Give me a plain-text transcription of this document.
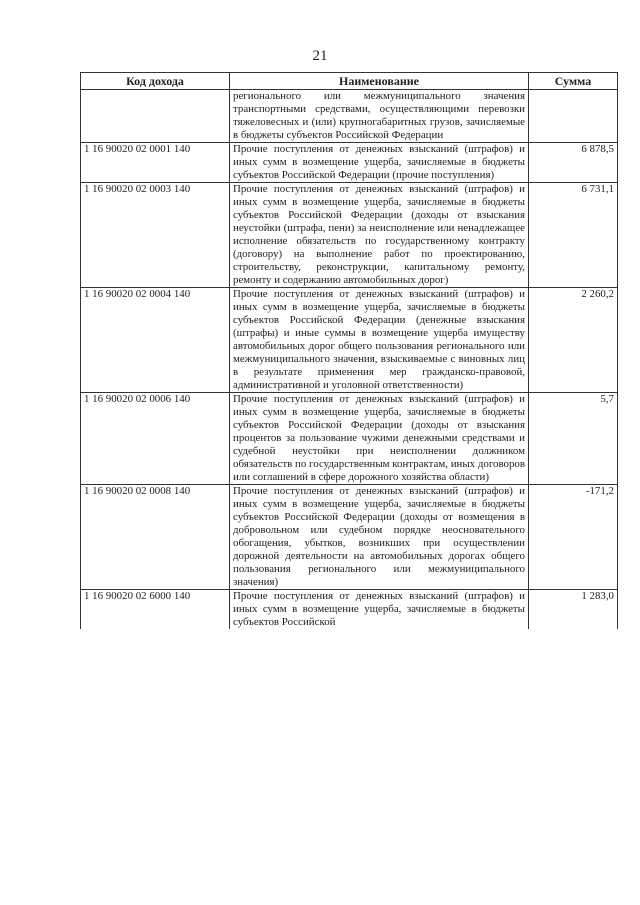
21
Код дохода	Наименование	Сумма
	регионального или межмуниципального значения транспортными средствами, осуществляющими перевозки тяжеловесных и (или) крупногабаритных грузов, зачисляемые в бюджеты субъектов Российской Федерации	
1 16 90020 02 0001 140	Прочие поступления от денежных взысканий (штрафов) и иных сумм в возмещение ущерба, зачисляемые в бюджеты субъектов Российской Федерации (прочие поступления)	6 878,5
1 16 90020 02 0003 140	Прочие поступления от денежных взысканий (штрафов) и иных сумм в возмещение ущерба, зачисляемые в бюджеты субъектов Российской Федерации (доходы от взыскания неустойки (штрафа, пени) за неисполнение или ненадлежащее исполнение обязательств по государственному контракту (договору) на выполнение работ по проектированию, строительству, реконструкции, капитальному ремонту, ремонту и содержанию автомобильных дорог)	6 731,1
1 16 90020 02 0004 140	Прочие поступления от денежных взысканий (штрафов) и иных сумм в возмещение ущерба, зачисляемые в бюджеты субъектов Российской Федерации (денежные взыскания (штрафы) и иные суммы в возмещение ущерба имуществу автомобильных дорог общего пользования регионального или межмуниципального значения, взыскиваемые с виновных лиц в результате применения мер гражданско-правовой, административной и уголовной ответственности)	2 260,2
1 16 90020 02 0006 140	Прочие поступления от денежных взысканий (штрафов) и иных сумм в возмещение ущерба, зачисляемые в бюджеты субъектов Российской Федерации (доходы от взыскания процентов за пользование чужими денежными средствами и судебной неустойки при неисполнении должником обязательств по государственным контрактам, иных договоров или соглашений в сфере дорожного хозяйства области)	5,7
1 16 90020 02 0008 140	Прочие поступления от денежных взысканий (штрафов) и иных сумм в возмещение ущерба, зачисляемые в бюджеты субъектов Российской Федерации (доходы от возмещения в добровольном или судебном порядке неосновательного обогащения, убытков, возникших при осуществлении дорожной деятельности на автомобильных дорогах общего пользования регионального или межмуниципального значения)	-171,2
1 16 90020 02 6000 140	Прочие поступления от денежных взысканий (штрафов) и иных сумм в возмещение ущерба, зачисляемые в бюджеты субъектов Российской	1 283,0
